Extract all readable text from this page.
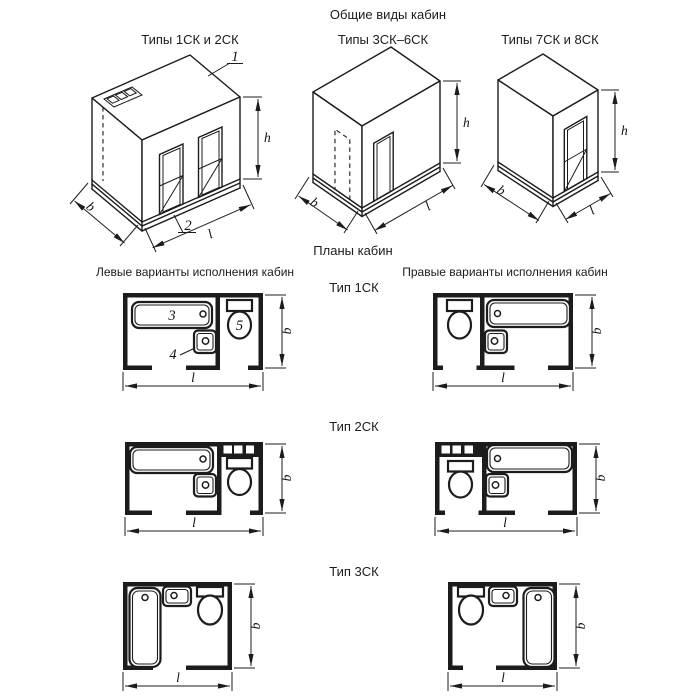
Общие виды кабин
Типы 1СК и 2СК	Типы 3СК–6СК	Типы 7СК и 8СК
Планы кабин
Левые варианты исполнения кабин	Правые варианты исполнения кабин
Тип 1СК
Тип 2СК
Тип 3СК
1
2
h
b
l
h
b	l
h
b
l
3
4
5	b
l
b
l
b
l
b
l
b
l
b
l
